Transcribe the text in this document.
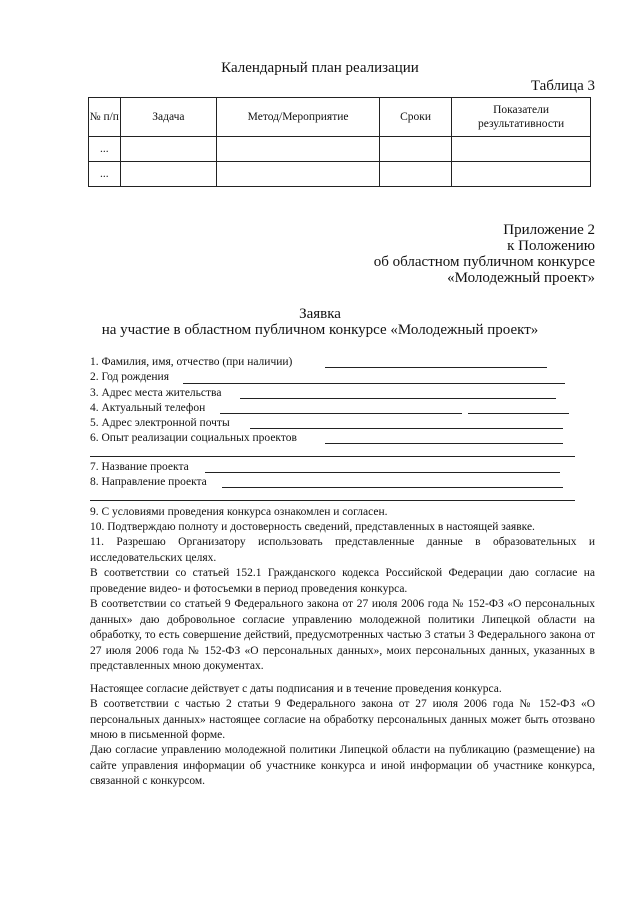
Календарный план реализации
Таблица 3
№ п/п	Задача	Метод/Мероприятие	Сроки	Показатели результативности
...				
...				
Приложение 2
к Положению
об областном публичном конкурсе
«Молодежный проект»
Заявка
на участие в областном публичном конкурсе «Молодежный проект»
1. Фамилия, имя, отчество (при наличии)
2. Год рождения
3. Адрес места жительства
4. Актуальный телефон
5. Адрес электронной почты
6. Опыт реализации социальных проектов
7. Название проекта
8. Направление проекта
9. С условиями проведения конкурса ознакомлен и согласен.
10. Подтверждаю полноту и достоверность сведений, представленных в настоящей заявке.
11. Разрешаю Организатору использовать представленные данные в образовательных и исследовательских целях.
В соответствии со статьей 152.1 Гражданского кодекса Российской Федерации даю согласие на проведение видео- и фотосъемки в период проведения конкурса.
В соответствии со статьей 9 Федерального закона от 27 июля 2006 года № 152-ФЗ «О персональных данных» даю добровольное согласие управлению молодежной политики Липецкой области на обработку, то есть совершение действий, предусмотренных частью 3 статьи 3 Федерального закона от 27 июля 2006 года № 152-ФЗ «О персональных данных», моих персональных данных, указанных в представленных мною документах.
Настоящее согласие действует с даты подписания и в течение проведения конкурса.
В соответствии с частью 2 статьи 9 Федерального закона от 27 июля 2006 года № 152-ФЗ «О персональных данных» настоящее согласие на обработку персональных данных может быть отозвано мною в письменной форме.
Даю согласие управлению молодежной политики Липецкой области на публикацию (размещение) на сайте управления информации об участнике конкурса и иной информации об участнике конкурса, связанной с конкурсом.
